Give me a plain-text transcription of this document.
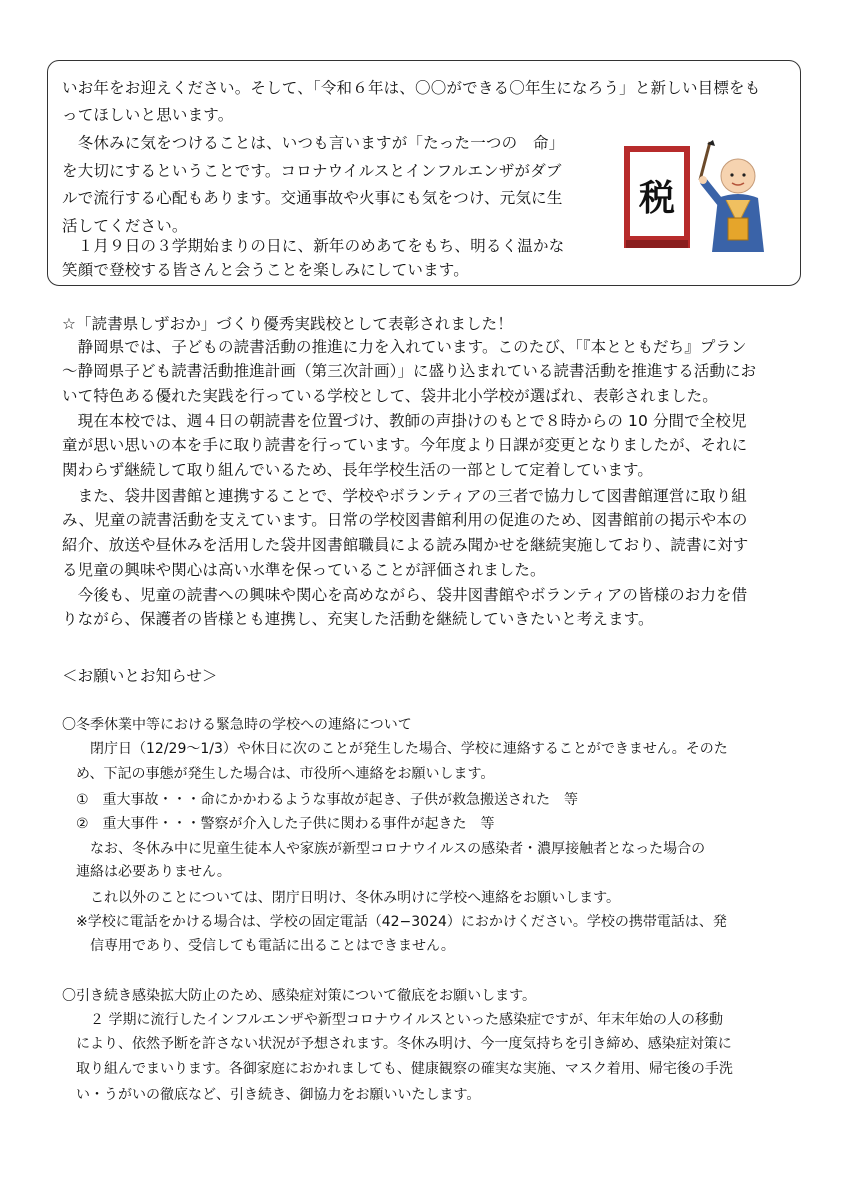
いお年をお迎えください。そして、「令和６年は、〇〇ができる〇年生になろう」と新しい目標をも
ってほしいと思います。
　冬休みに気をつけることは、いつも言いますが「たった一つの　命」
を大切にするということです。コロナウイルスとインフルエンザがダブ
ルで流行する心配もあります。交通事故や火事にも気をつけ、元気に生
活してください。
　１月９日の３学期始まりの日に、新年のめあてをもち、明るく温かな
笑顔で登校する皆さんと会うことを楽しみにしています。
税
☆「読書県しずおか」づくり優秀実践校として表彰されました！
　静岡県では、子どもの読書活動の推進に力を入れています。このたび、「『本とともだち』プラン
～静岡県子ども読書活動推進計画（第三次計画）」に盛り込まれている読書活動を推進する活動にお
いて特色ある優れた実践を行っている学校として、袋井北小学校が選ばれ、表彰されました。
　現在本校では、週４日の朝読書を位置づけ、教師の声掛けのもとで８時からの 10 分間で全校児
童が思い思いの本を手に取り読書を行っています。今年度より日課が変更となりましたが、それに
関わらず継続して取り組んでいるため、長年学校生活の一部として定着しています。
　また、袋井図書館と連携することで、学校やボランティアの三者で協力して図書館運営に取り組
み、児童の読書活動を支えています。日常の学校図書館利用の促進のため、図書館前の掲示や本の
紹介、放送や昼休みを活用した袋井図書館職員による読み聞かせを継続実施しており、読書に対す
る児童の興味や関心は高い水準を保っていることが評価されました。
　今後も、児童の読書への興味や関心を高めながら、袋井図書館やボランティアの皆様のお力を借
りながら、保護者の皆様とも連携し、充実した活動を継続していきたいと考えます。
＜お願いとお知らせ＞
〇冬季休業中等における緊急時の学校への連絡について
　　閉庁日（12/29～1/3）や休日に次のことが発生した場合、学校に連絡することができません。そのた
　め、下記の事態が発生した場合は、市役所へ連絡をお願いします。
　①　重大事故・・・命にかかわるような事故が起き、子供が救急搬送された　等
　②　重大事件・・・警察が介入した子供に関わる事件が起きた　等
　　なお、冬休み中に児童生徒本人や家族が新型コロナウイルスの感染者・濃厚接触者となった場合の
　連絡は必要ありません。
　　これ以外のことについては、閉庁日明け、冬休み明けに学校へ連絡をお願いします。
　※学校に電話をかける場合は、学校の固定電話（42−3024）におかけください。学校の携帯電話は、発
　　信専用であり、受信しても電話に出ることはできません。
〇引き続き感染拡大防止のため、感染症対策について徹底をお願いします。
　　２ 学期に流行したインフルエンザや新型コロナウイルスといった感染症ですが、年末年始の人の移動
　により、依然予断を許さない状況が予想されます。冬休み明け、今一度気持ちを引き締め、感染症対策に
　取り組んでまいります。各御家庭におかれましても、健康観察の確実な実施、マスク着用、帰宅後の手洗
　い・うがいの徹底など、引き続き、御協力をお願いいたします。
